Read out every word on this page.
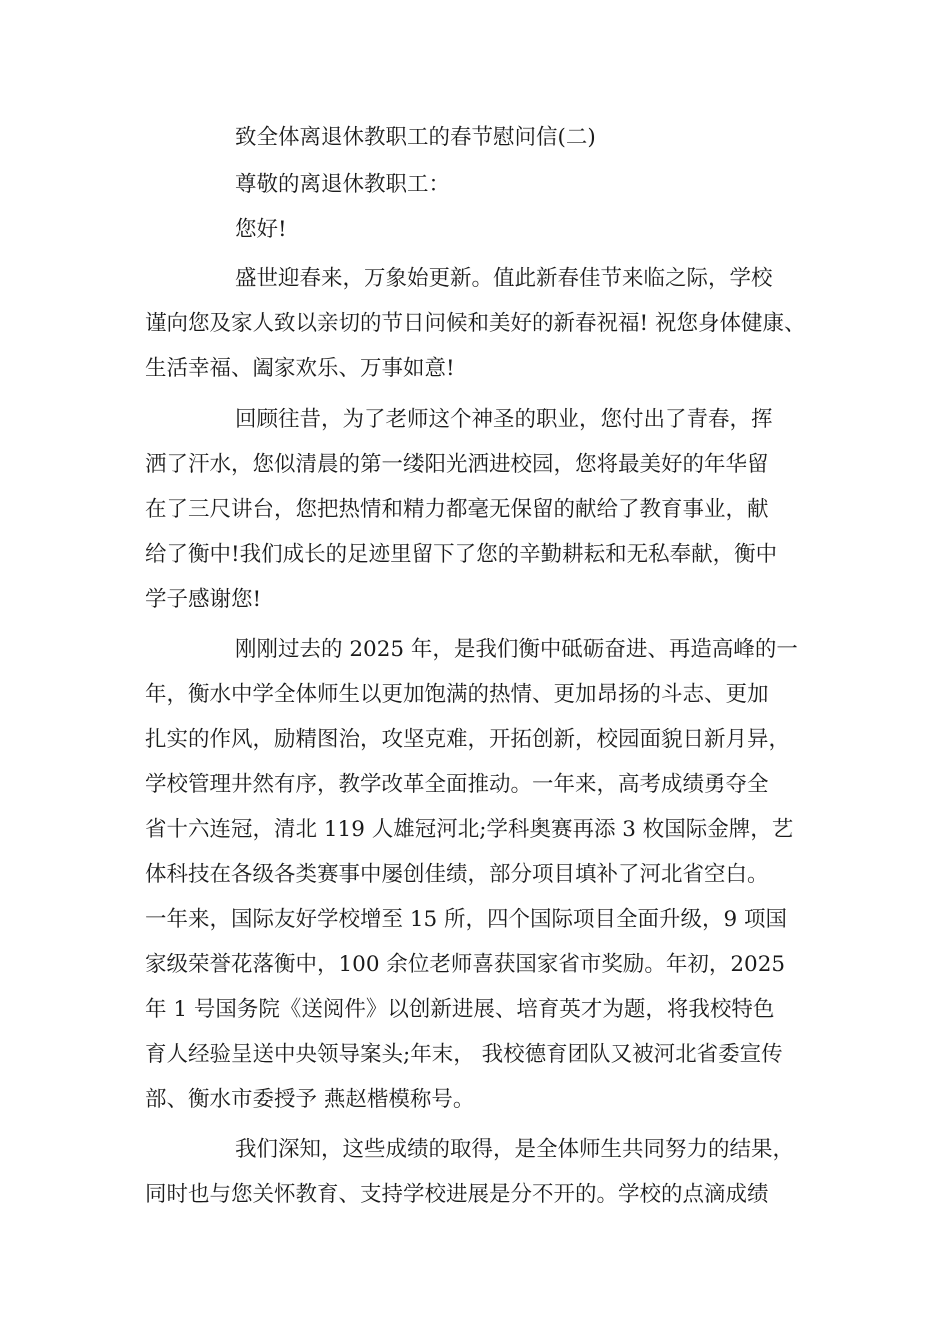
致全体离退休教职工的春节慰问信(二)
尊敬的离退休教职工：
您好!
盛世迎春来，万象始更新。值此新春佳节来临之际，学校
谨向您及家人致以亲切的节日问候和美好的新春祝福! 祝您身体健康、
生活幸福、阖家欢乐、万事如意!
回顾往昔，为了老师这个神圣的职业，您付出了青春，挥
洒了汗水，您似清晨的第一缕阳光洒进校园，您将最美好的年华留
在了三尺讲台，您把热情和精力都毫无保留的献给了教育事业，献
给了衡中!我们成长的足迹里留下了您的辛勤耕耘和无私奉献，衡中
学子感谢您!
刚刚过去的 2025 年，是我们衡中砥砺奋进、再造高峰的一
年，衡水中学全体师生以更加饱满的热情、更加昂扬的斗志、更加
扎实的作风，励精图治，攻坚克难，开拓创新，校园面貌日新月异，
学校管理井然有序，教学改革全面推动。一年来，高考成绩勇夺全
省十六连冠，清北 119 人雄冠河北;学科奥赛再添 3 枚国际金牌，艺
体科技在各级各类赛事中屡创佳绩，部分项目填补了河北省空白。
一年来，国际友好学校增至 15 所，四个国际项目全面升级，9 项国
家级荣誉花落衡中，100 余位老师喜获国家省市奖励。年初，2025
年 1 号国务院《送阅件》以创新进展、培育英才为题，将我校特色
育人经验呈送中央领导案头;年末， 我校德育团队又被河北省委宣传
部、衡水市委授予 燕赵楷模称号。
我们深知，这些成绩的取得，是全体师生共同努力的结果，
同时也与您关怀教育、支持学校进展是分不开的。学校的点滴成绩
